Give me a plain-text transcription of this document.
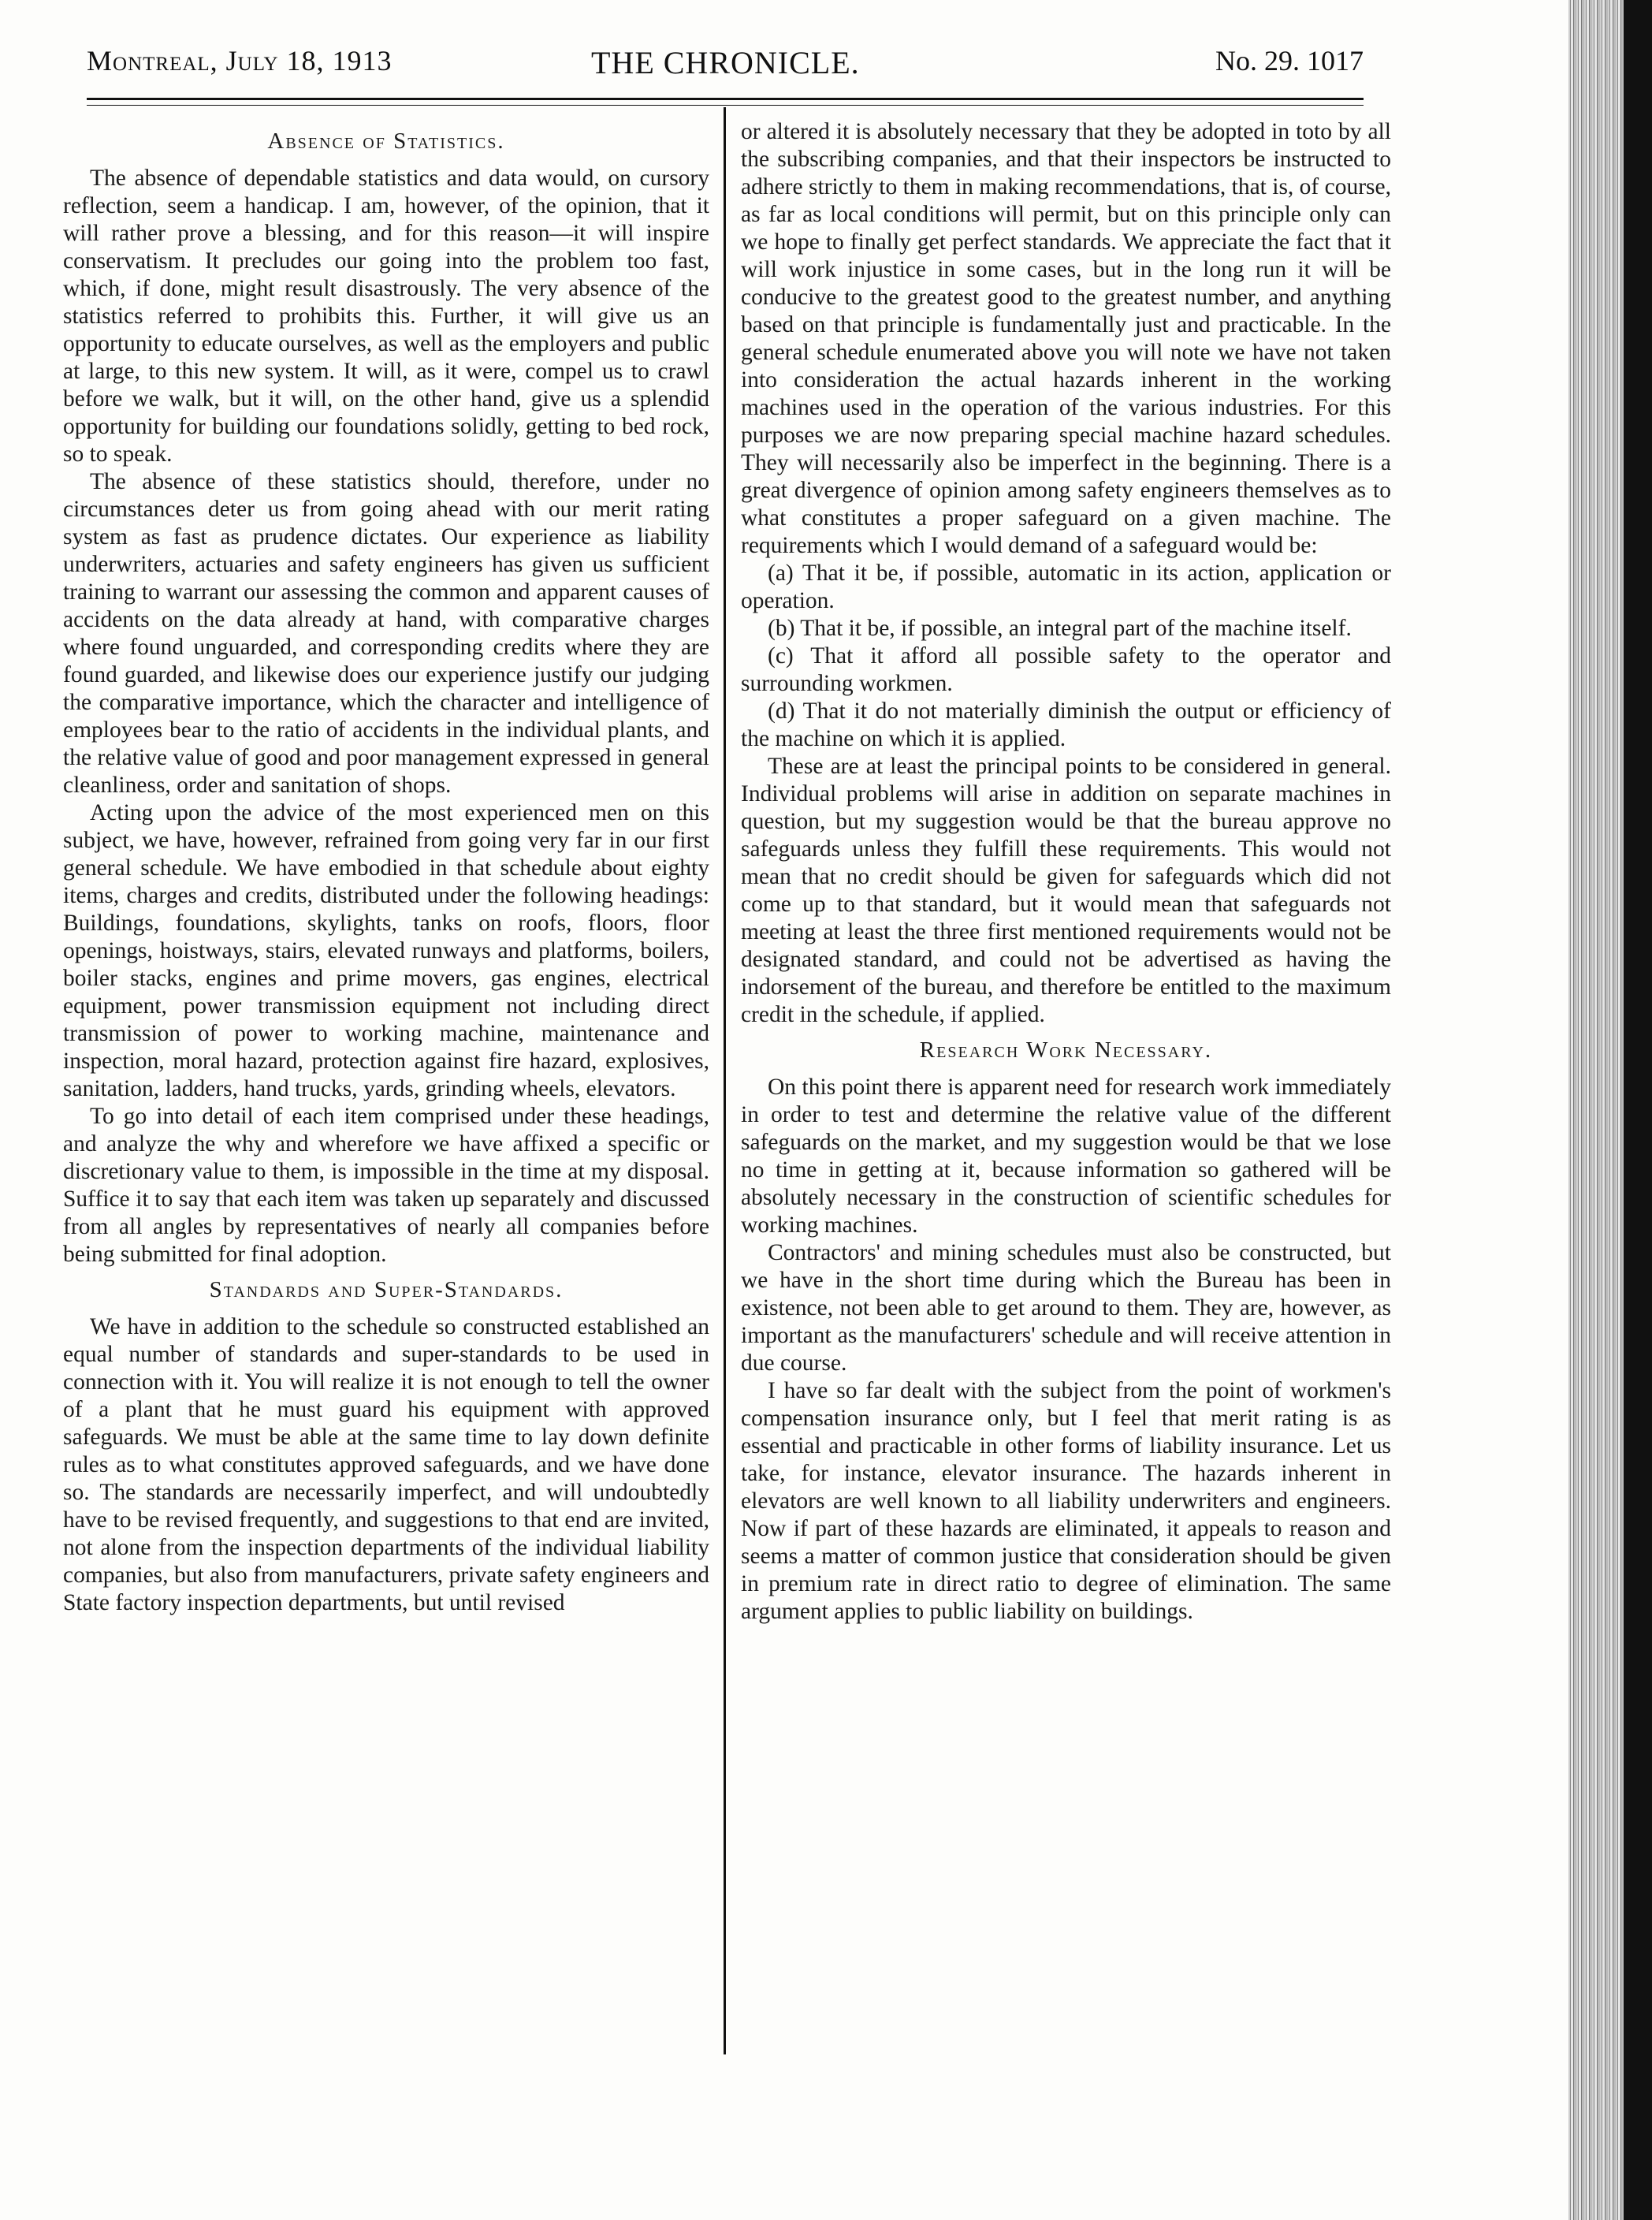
Montreal, July 18, 1913	THE CHRONICLE.	No. 29. 1017

Absence of Statistics.

The absence of dependable statistics and data would, on cursory reflection, seem a handicap. I am, however, of the opinion, that it will rather prove a blessing, and for this reason—it will inspire conservatism. It precludes our going into the problem too fast, which, if done, might result disastrously. The very absence of the statistics referred to prohibits this. Further, it will give us an opportunity to educate ourselves, as well as the employers and public at large, to this new system. It will, as it were, compel us to crawl before we walk, but it will, on the other hand, give us a splendid opportunity for building our foundations solidly, getting to bed rock, so to speak.

The absence of these statistics should, therefore, under no circumstances deter us from going ahead with our merit rating system as fast as prudence dictates. Our experience as liability underwriters, actuaries and safety engineers has given us sufficient training to warrant our assessing the common and apparent causes of accidents on the data already at hand, with comparative charges where found unguarded, and corresponding credits where they are found guarded, and likewise does our experience justify our judging the comparative importance, which the character and intelligence of employees bear to the ratio of accidents in the individual plants, and the relative value of good and poor management expressed in general cleanliness, order and sanitation of shops.

Acting upon the advice of the most experienced men on this subject, we have, however, refrained from going very far in our first general schedule. We have embodied in that schedule about eighty items, charges and credits, distributed under the following headings: Buildings, foundations, skylights, tanks on roofs, floors, floor openings, hoistways, stairs, elevated runways and platforms, boilers, boiler stacks, engines and prime movers, gas engines, electrical equipment, power transmission equipment not including direct transmission of power to working machine, maintenance and inspection, moral hazard, protection against fire hazard, explosives, sanitation, ladders, hand trucks, yards, grinding wheels, elevators.

To go into detail of each item comprised under these headings, and analyze the why and wherefore we have affixed a specific or discretionary value to them, is impossible in the time at my disposal. Suffice it to say that each item was taken up separately and discussed from all angles by representatives of nearly all companies before being submitted for final adoption.

Standards and Super-Standards.

We have in addition to the schedule so constructed established an equal number of standards and super-standards to be used in connection with it. You will realize it is not enough to tell the owner of a plant that he must guard his equipment with approved safeguards. We must be able at the same time to lay down definite rules as to what constitutes approved safeguards, and we have done so. The standards are necessarily imperfect, and will undoubtedly have to be revised frequently, and suggestions to that end are invited, not alone from the inspection departments of the individual liability companies, but also from manufacturers, private safety engineers and State factory inspection departments, but until revised

or altered it is absolutely necessary that they be adopted in toto by all the subscribing companies, and that their inspectors be instructed to adhere strictly to them in making recommendations, that is, of course, as far as local conditions will permit, but on this principle only can we hope to finally get perfect standards. We appreciate the fact that it will work injustice in some cases, but in the long run it will be conducive to the greatest good to the greatest number, and anything based on that principle is fundamentally just and practicable. In the general schedule enumerated above you will note we have not taken into consideration the actual hazards inherent in the working machines used in the operation of the various industries. For this purposes we are now preparing special machine hazard schedules. They will necessarily also be imperfect in the beginning. There is a great divergence of opinion among safety engineers themselves as to what constitutes a proper safeguard on a given machine. The requirements which I would demand of a safeguard would be:

(a) That it be, if possible, automatic in its action, application or operation.

(b) That it be, if possible, an integral part of the machine itself.

(c) That it afford all possible safety to the operator and surrounding workmen.

(d) That it do not materially diminish the output or efficiency of the machine on which it is applied.

These are at least the principal points to be considered in general. Individual problems will arise in addition on separate machines in question, but my suggestion would be that the bureau approve no safeguards unless they fulfill these requirements. This would not mean that no credit should be given for safeguards which did not come up to that standard, but it would mean that safeguards not meeting at least the three first mentioned requirements would not be designated standard, and could not be advertised as having the indorsement of the bureau, and therefore be entitled to the maximum credit in the schedule, if applied.

Research Work Necessary.

On this point there is apparent need for research work immediately in order to test and determine the relative value of the different safeguards on the market, and my suggestion would be that we lose no time in getting at it, because information so gathered will be absolutely necessary in the construction of scientific schedules for working machines.

Contractors' and mining schedules must also be constructed, but we have in the short time during which the Bureau has been in existence, not been able to get around to them. They are, however, as important as the manufacturers' schedule and will receive attention in due course.

I have so far dealt with the subject from the point of workmen's compensation insurance only, but I feel that merit rating is as essential and practicable in other forms of liability insurance. Let us take, for instance, elevator insurance. The hazards inherent in elevators are well known to all liability underwriters and engineers. Now if part of these hazards are eliminated, it appeals to reason and seems a matter of common justice that consideration should be given in premium rate in direct ratio to degree of elimination. The same argument applies to public liability on buildings.
